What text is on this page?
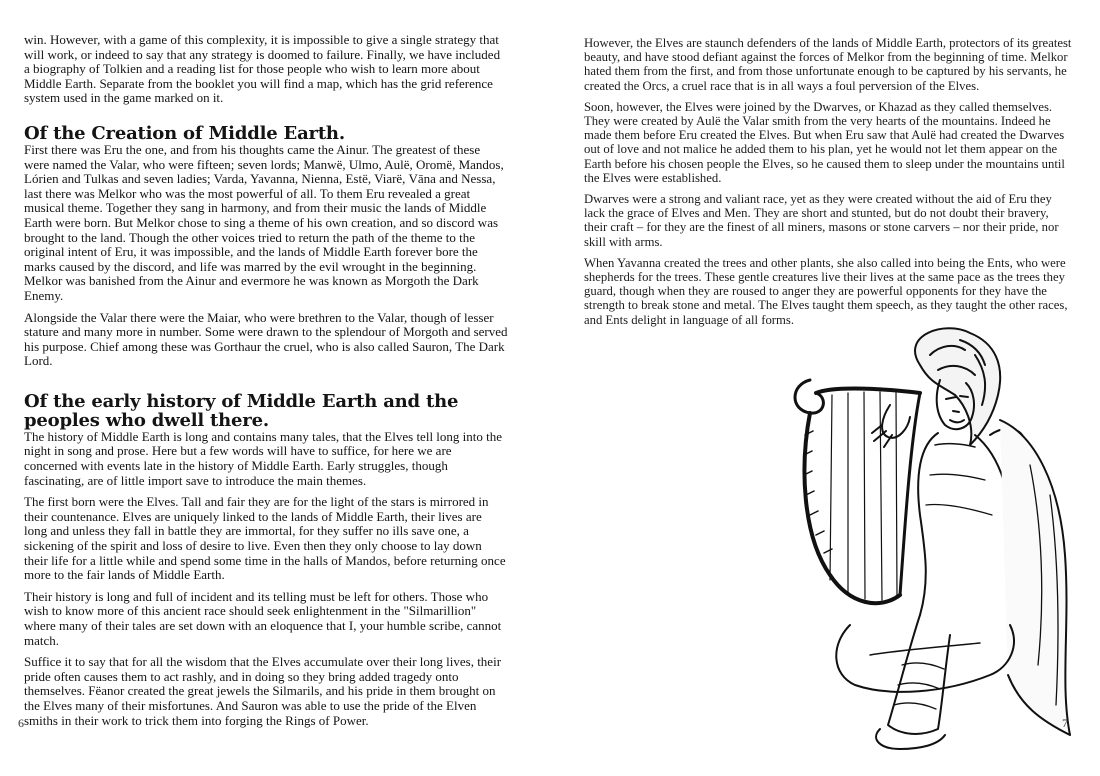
win. However, with a game of this complexity, it is impossible to give a single strategy that will work, or indeed to say that any strategy is doomed to failure. Finally, we have included a biography of Tolkien and a reading list for those people who wish to learn more about Middle Earth. Separate from the booklet you will find a map, which has the grid reference system used in the game marked on it.

Of the Creation of Middle Earth.

First there was Eru the one, and from his thoughts came the Ainur. The greatest of these were named the Valar, who were fifteen; seven lords; Manwë, Ulmo, Aulë, Oromë, Mandos, Lórien and Tulkas and seven ladies; Varda, Yavanna, Nienna, Estë, Viarë, Vāna and Nessa, last there was Melkor who was the most powerful of all. To them Eru revealed a great musical theme. Together they sang in harmony, and from their music the lands of Middle Earth were born. But Melkor chose to sing a theme of his own creation, and so discord was brought to the land. Though the other voices tried to return the path of the theme to the original intent of Eru, it was impossible, and the lands of Middle Earth forever bore the marks caused by the discord, and life was marred by the evil wrought in the beginning. Melkor was banished from the Ainur and evermore he was known as Morgoth the Dark Enemy.

Alongside the Valar there were the Maiar, who were brethren to the Valar, though of lesser stature and many more in number. Some were drawn to the splendour of Morgoth and served his purpose. Chief among these was Gorthaur the cruel, who is also called Sauron, The Dark Lord.

Of the early history of Middle Earth and the peoples who dwell there.

The history of Middle Earth is long and contains many tales, that the Elves tell long into the night in song and prose. Here but a few words will have to suffice, for here we are concerned with events late in the history of Middle Earth. Early struggles, though fascinating, are of little import save to introduce the main themes.

The first born were the Elves. Tall and fair they are for the light of the stars is mirrored in their countenance. Elves are uniquely linked to the lands of Middle Earth, their lives are long and unless they fall in battle they are immortal, for they suffer no ills save one, a sickening of the spirit and loss of desire to live. Even then they only choose to lay down their life for a little while and spend some time in the halls of Mandos, before returning once more to the fair lands of Middle Earth.

Their history is long and full of incident and its telling must be left for others. Those who wish to know more of this ancient race should seek enlightenment in the "Silmarillion" where many of their tales are set down with an eloquence that I, your humble scribe, cannot match.

Suffice it to say that for all the wisdom that the Elves accumulate over their long lives, their pride often causes them to act rashly, and in doing so they bring added tragedy onto themselves. Fëanor created the great jewels the Silmarils, and his pride in them brought on the Elves many of their misfortunes. And Sauron was able to use the pride of the Elven smiths in their work to trick them into forging the Rings of Power.

6

However, the Elves are staunch defenders of the lands of Middle Earth, protectors of its greatest beauty, and have stood defiant against the forces of Melkor from the beginning of time. Melkor hated them from the first, and from those unfortunate enough to be captured by his servants, he created the Orcs, a cruel race that is in all ways a foul perversion of the Elves.

Soon, however, the Elves were joined by the Dwarves, or Khazad as they called themselves. They were created by Aulë the Valar smith from the very hearts of the mountains. Indeed he made them before Eru created the Elves. But when Eru saw that Aulë had created the Dwarves out of love and not malice he added them to his plan, yet he would not let them appear on the Earth before his chosen people the Elves, so he caused them to sleep under the mountains until the Elves were established.

Dwarves were a strong and valiant race, yet as they were created without the aid of Eru they lack the grace of Elves and Men. They are short and stunted, but do not doubt their bravery, their craft – for they are the finest of all miners, masons or stone carvers – nor their pride, nor skill with arms.

When Yavanna created the trees and other plants, she also called into being the Ents, who were shepherds for the trees. These gentle creatures live their lives at the same pace as the trees they guard, though when they are roused to anger they are powerful opponents for they have the strength to break stone and metal. The Elves taught them speech, as they taught the other races, and Ents delight in language of all forms.

7
